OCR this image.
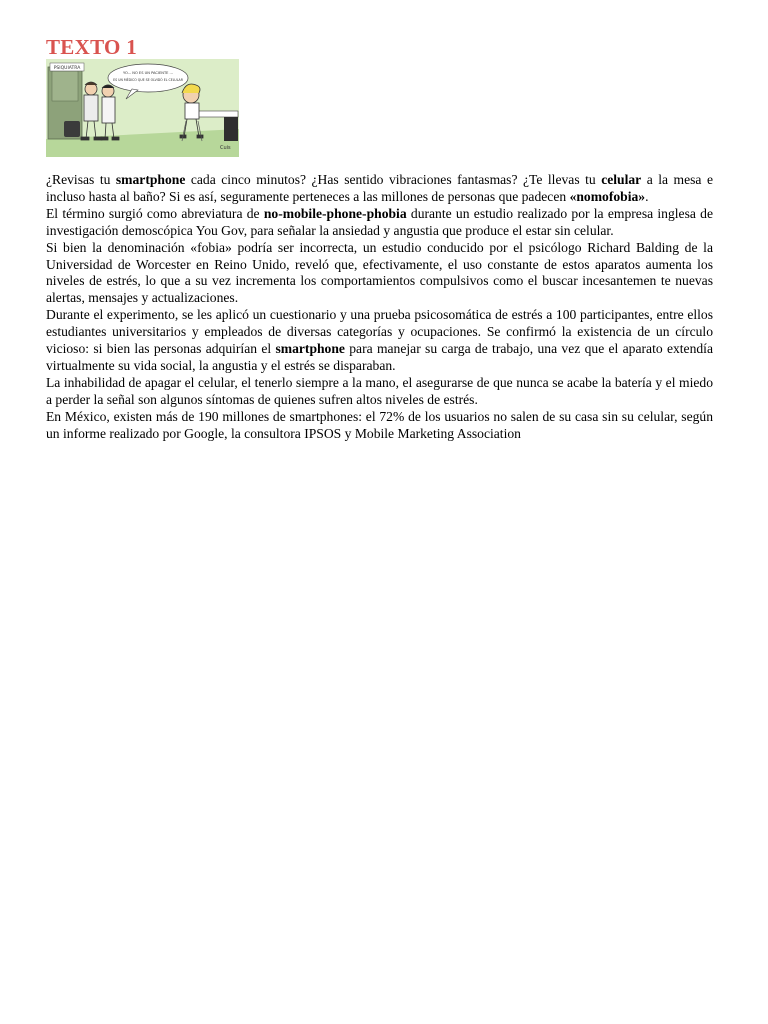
TEXTO 1
PSIQUIATRA
YO... NO ES UN PACIENTE ...
ES UN MÉDICO QUE SE OLVIDÓ EL CELULAR
Cuis

¿Revisas tu smartphone cada cinco minutos? ¿Has sentido vibraciones fantasmas? ¿Te llevas tu celular a la mesa e incluso hasta al baño? Si es así, seguramente perteneces a las millones de personas que padecen «nomofobia».

El término surgió como abreviatura de no-mobile-phone-phobia durante un estudio realizado por la empresa inglesa de investigación demoscópica You Gov, para señalar la ansiedad y angustia que produce el estar sin celular.

Si bien la denominación «fobia» podría ser incorrecta, un estudio conducido por el psicólogo Richard Balding de la Universidad de Worcester en Reino Unido, reveló que, efectivamente, el uso constante de estos aparatos aumenta los niveles de estrés, lo que a su vez incrementa los comportamientos compulsivos como el buscar incesantemen te nuevas alertas, mensajes y actualizaciones.

Durante el experimento, se les aplicó un cuestionario y una prueba psicosomática de estrés a 100 participantes, entre ellos estudiantes universitarios y empleados de diversas categorías y ocupaciones. Se confirmó la existencia de un círculo vicioso: si bien las personas adquirían el smartphone para manejar su carga de trabajo, una vez que el aparato extendía virtualmente su vida social, la angustia y el estrés se disparaban.

La inhabilidad de apagar el celular, el tenerlo siempre a la mano, el asegurarse de que nunca se acabe la batería y el miedo a perder la señal son algunos síntomas de quienes sufren altos niveles de estrés.

En México, existen más de 190 millones de smartphones: el 72% de los usuarios no salen de su casa sin su celular, según un informe realizado por Google, la consultora IPSOS y Mobile Marketing Association
